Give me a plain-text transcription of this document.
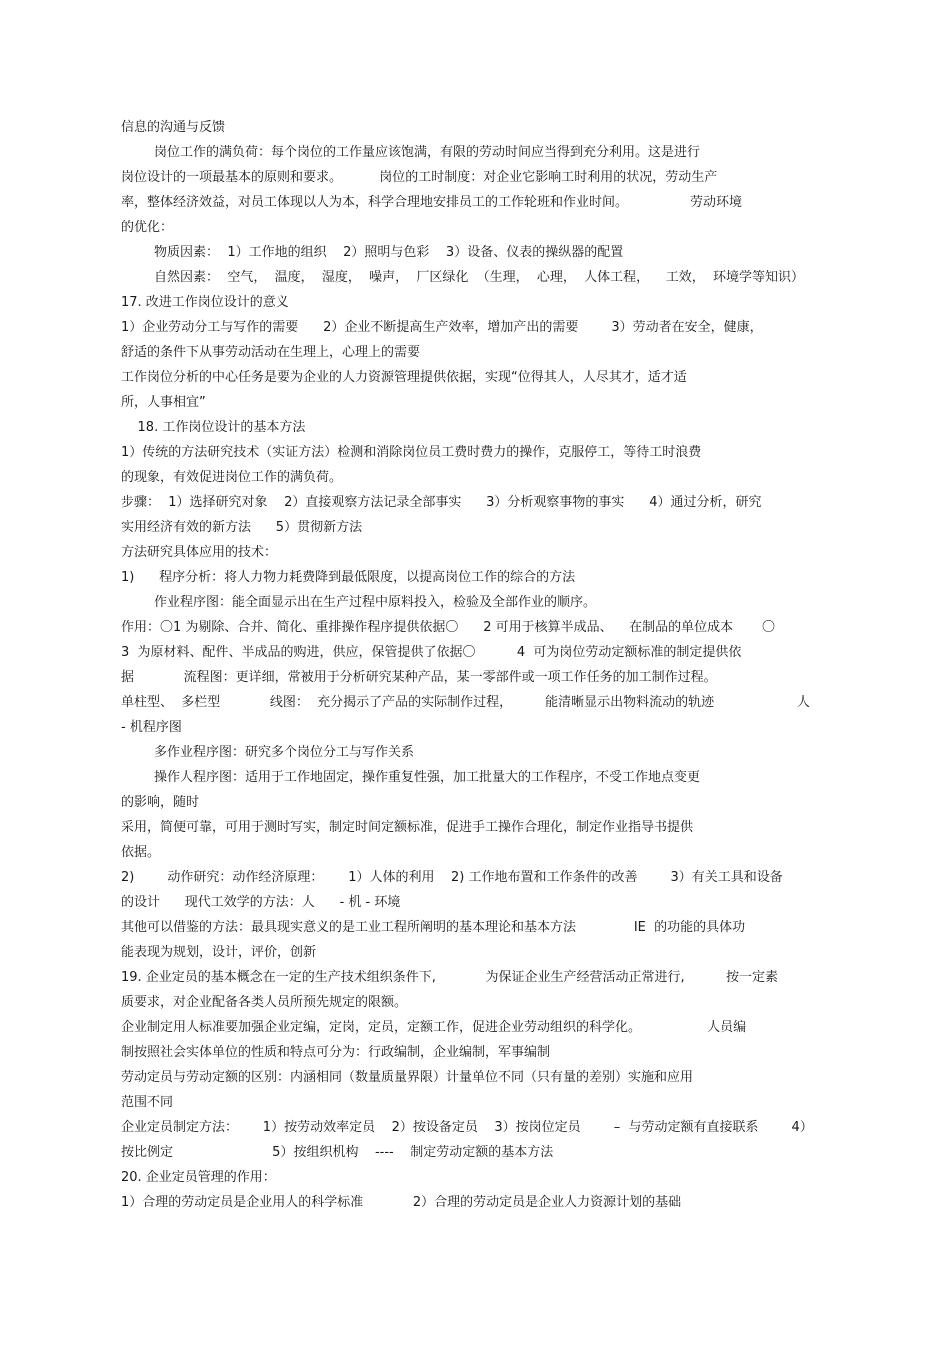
信息的沟通与反馈
岗位工作的满负荷：每个岗位的工作量应该饱满，有限的劳动时间应当得到充分利用。这是进行
岗位设计的一项最基本的原则和要求。         岗位的工时制度：对企业它影响工时利用的状况，劳动生产
率，整体经济效益，对员工体现以人为本，科学合理地安排员工的工作轮班和作业时间。               劳动环境
的优化：
物质因素：  1）工作地的组织    2）照明与色彩    3）设备、仪表的操纵器的配置
自然因素：  空气，  温度，  湿度，  噪声，  厂区绿化  （生理，  心理，  人体工程，    工效，  环境学等知识）
17. 改进工作岗位设计的意义
1）企业劳动分工与写作的需要      2）企业不断提高生产效率，增加产出的需要        3）劳动者在安全，健康，
舒适的条件下从事劳动活动在生理上，心理上的需要
工作岗位分析的中心任务是要为企业的人力资源管理提供依据，实现“位得其人，人尽其才，适才适
所，人事相宜”
18. 工作岗位设计的基本方法
1）传统的方法研究技术（实证方法）检测和消除岗位员工费时费力的操作，克服停工，等待工时浪费
的现象，有效促进岗位工作的满负荷。
步骤：  1）选择研究对象    2）直接观察方法记录全部事实      3）分析观察事物的事实      4）通过分析，研究
实用经济有效的新方法      5）贯彻新方法
方法研究具体应用的技术：
1)      程序分析：将人力物力耗费降到最低限度，以提高岗位工作的综合的方法
作业程序图：能全面显示出在生产过程中原料投入，检验及全部作业的顺序。
作用：〇1 为剔除、合并、简化、重排操作程序提供依据〇      2 可用于核算半成品、    在制品的单位成本       〇
3  为原材料、配件、半成品的购进，供应，保管提供了依据〇          4  可为岗位劳动定额标准的制定提供依
据            流程图：更详细，常被用于分析研究某种产品，某一零部件或一项工作任务的加工制作过程。
单柱型、  多栏型            线图：  充分揭示了产品的实际制作过程，        能清晰显示出物料流动的轨迹                    人
- 机程序图
多作业程序图：研究多个岗位分工与写作关系
操作人程序图：适用于工作地固定，操作重复性强，加工批量大的工作程序，不受工作地点变更
的影响，随时
采用，简便可靠，可用于测时写实，制定时间定额标准，促进手工操作合理化，制定作业指导书提供
依据。
2)        动作研究：动作经济原理：      1）人体的利用    2) 工作地布置和工作条件的改善        3）有关工具和设备
的设计      现代工效学的方法：人      - 机 - 环境
其他可以借鉴的方法：最具现实意义的是工业工程所阐明的基本理论和基本方法              IE  的功能的具体功
能表现为规划，设计，评价，创新
19. 企业定员的基本概念在一定的生产技术组织条件下,            为保证企业生产经营活动正常进行,          按一定素
质要求，对企业配备各类人员所预先规定的限额。
企业制定用人标准要加强企业定编，定岗，定员，定额工作，促进企业劳动组织的科学化。                人员编
制按照社会实体单位的性质和特点可分为：行政编制，企业编制，军事编制
劳动定员与劳动定额的区别：内涵相同（数量质量界限）计量单位不同（只有量的差别）实施和应用
范围不同
企业定员制定方法：      1）按劳动效率定员    2）按设备定员    3）按岗位定员        –  与劳动定额有直接联系        4）
按比例定                        5）按组织机构    ----    制定劳动定额的基本方法
20. 企业定员管理的作用：
1）合理的劳动定员是企业用人的科学标准            2）合理的劳动定员是企业人力资源计划的基础
